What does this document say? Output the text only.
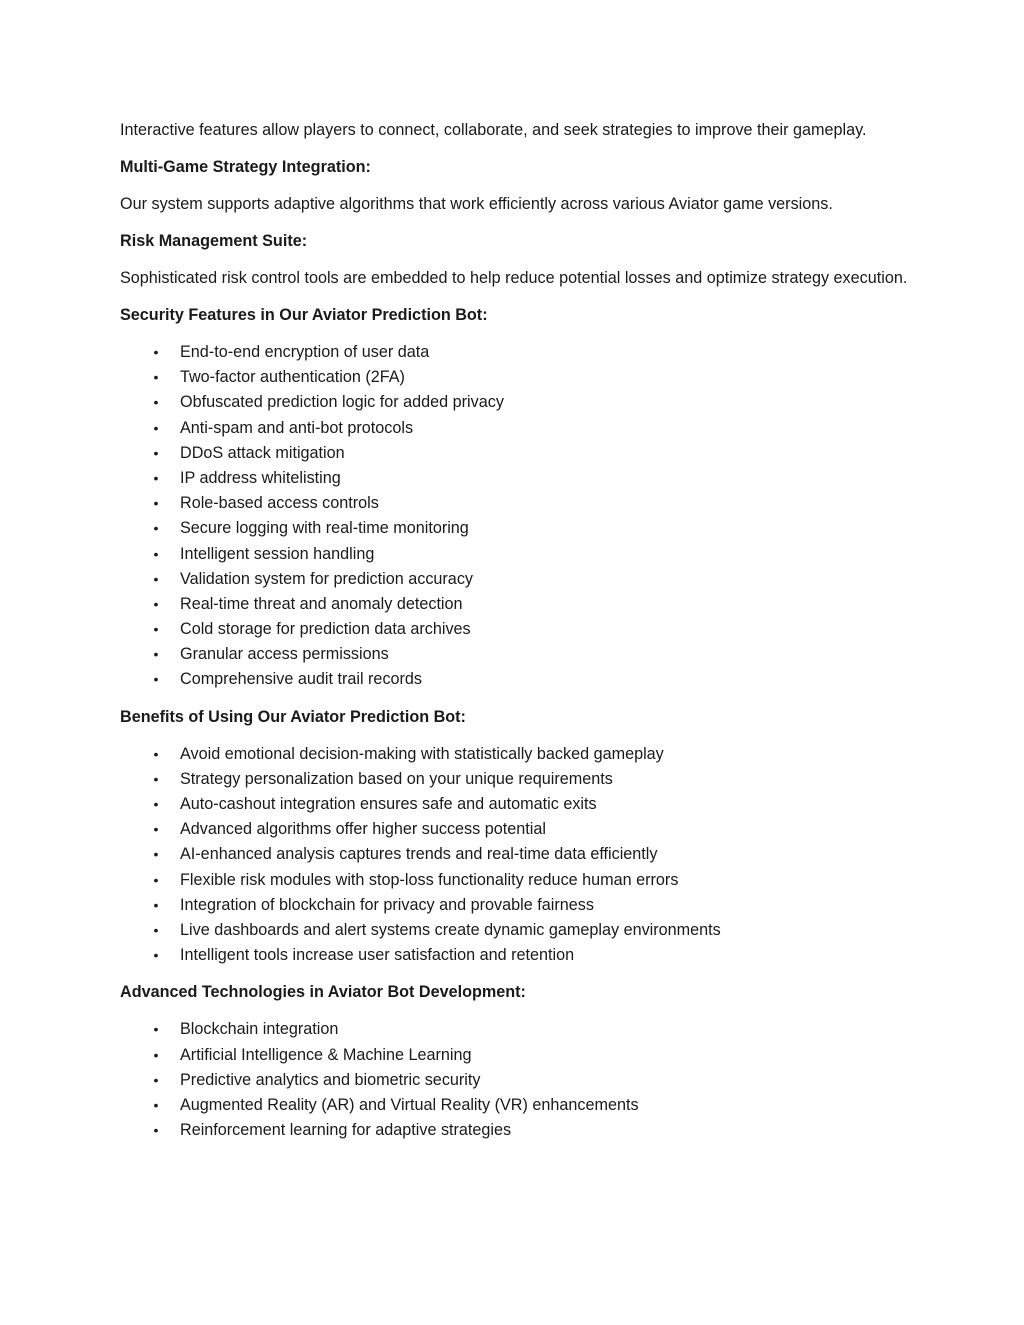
Interactive features allow players to connect, collaborate, and seek strategies to improve their gameplay.

Multi-Game Strategy Integration:

Our system supports adaptive algorithms that work efficiently across various Aviator game versions.

Risk Management Suite:

Sophisticated risk control tools are embedded to help reduce potential losses and optimize strategy execution.

Security Features in Our Aviator Prediction Bot:

• End-to-end encryption of user data
• Two-factor authentication (2FA)
• Obfuscated prediction logic for added privacy
• Anti-spam and anti-bot protocols
• DDoS attack mitigation
• IP address whitelisting
• Role-based access controls
• Secure logging with real-time monitoring
• Intelligent session handling
• Validation system for prediction accuracy
• Real-time threat and anomaly detection
• Cold storage for prediction data archives
• Granular access permissions
• Comprehensive audit trail records

Benefits of Using Our Aviator Prediction Bot:

• Avoid emotional decision-making with statistically backed gameplay
• Strategy personalization based on your unique requirements
• Auto-cashout integration ensures safe and automatic exits
• Advanced algorithms offer higher success potential
• AI-enhanced analysis captures trends and real-time data efficiently
• Flexible risk modules with stop-loss functionality reduce human errors
• Integration of blockchain for privacy and provable fairness
• Live dashboards and alert systems create dynamic gameplay environments
• Intelligent tools increase user satisfaction and retention

Advanced Technologies in Aviator Bot Development:

• Blockchain integration
• Artificial Intelligence & Machine Learning
• Predictive analytics and biometric security
• Augmented Reality (AR) and Virtual Reality (VR) enhancements
• Reinforcement learning for adaptive strategies
